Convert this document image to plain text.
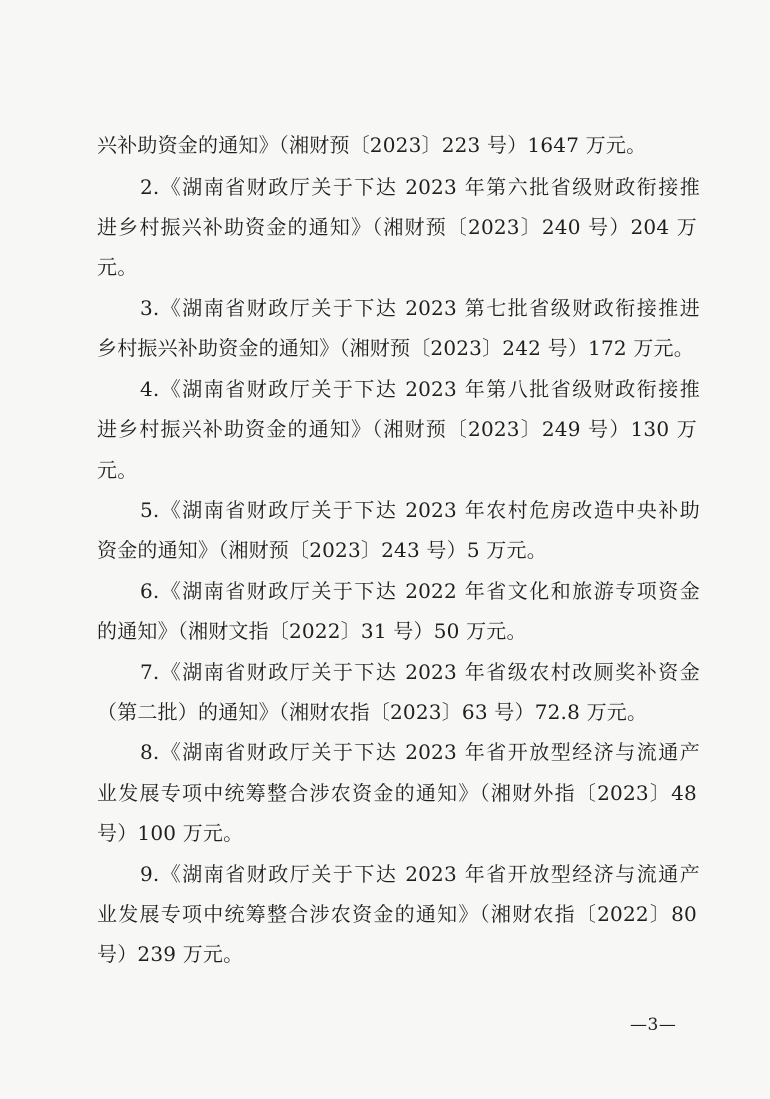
兴补助资金的通知》（湘财预〔2023〕223 号）1647 万元。
2.《湖南省财政厅关于下达 2023 年第六批省级财政衔接推
进乡村振兴补助资金的通知》（湘财预〔2023〕240 号）204 万
元。
3.《湖南省财政厅关于下达 2023 第七批省级财政衔接推进
乡村振兴补助资金的通知》（湘财预〔2023〕242 号）172 万元。
4.《湖南省财政厅关于下达 2023 年第八批省级财政衔接推
进乡村振兴补助资金的通知》（湘财预〔2023〕249 号）130 万
元。
5.《湖南省财政厅关于下达 2023 年农村危房改造中央补助
资金的通知》（湘财预〔2023〕243 号）5 万元。
6.《湖南省财政厅关于下达 2022 年省文化和旅游专项资金
的通知》（湘财文指〔2022〕31 号）50 万元。
7.《湖南省财政厅关于下达 2023 年省级农村改厕奖补资金
（第二批）的通知》（湘财农指〔2023〕63 号）72.8 万元。
8.《湖南省财政厅关于下达 2023 年省开放型经济与流通产
业发展专项中统筹整合涉农资金的通知》（湘财外指〔2023〕48
号）100 万元。
9.《湖南省财政厅关于下达 2023 年省开放型经济与流通产
业发展专项中统筹整合涉农资金的通知》（湘财农指〔2022〕80
号）239 万元。
—3—
